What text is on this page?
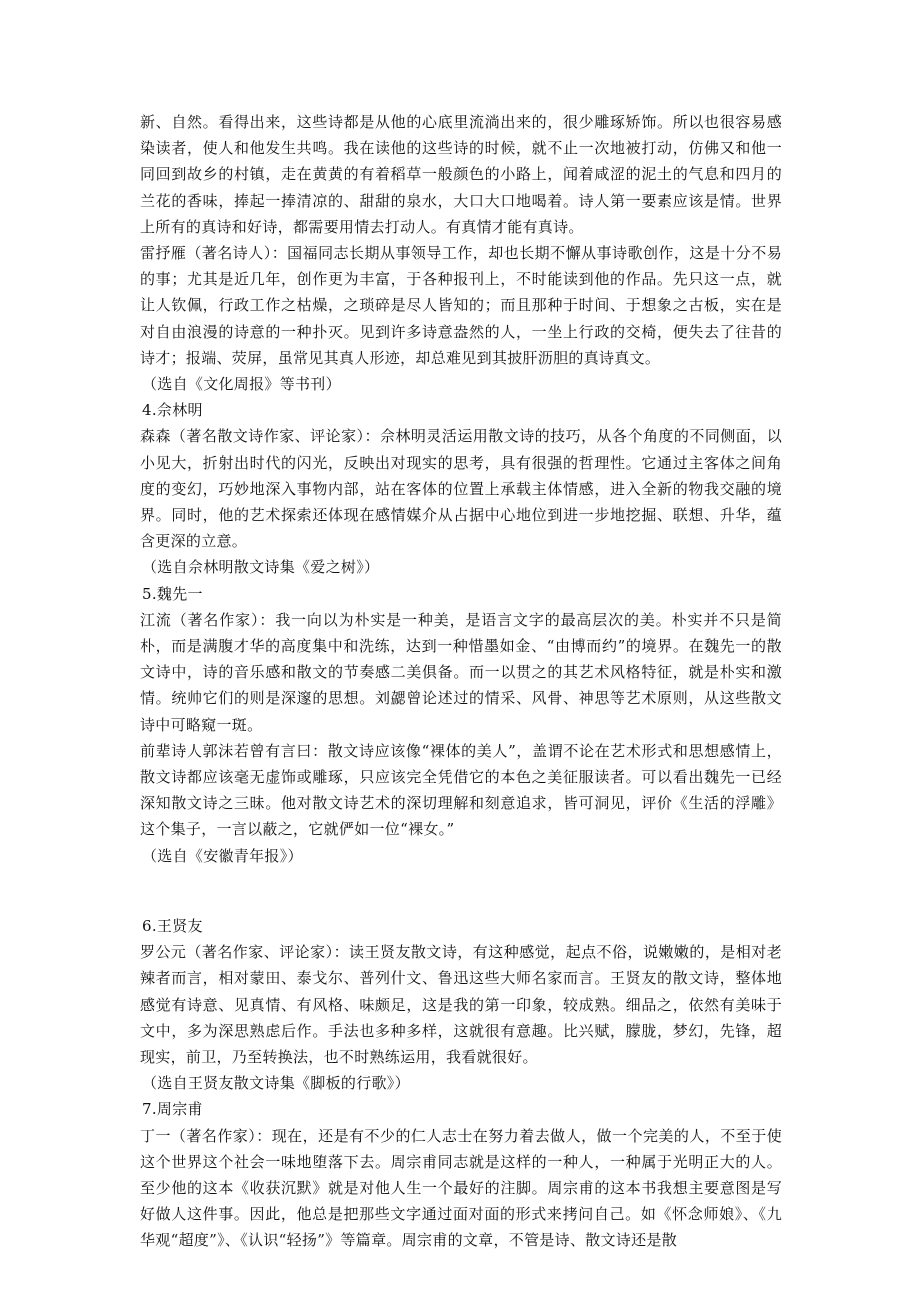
新、自然。看得出来，这些诗都是从他的心底里流淌出来的，很少雕琢矫饰。所以也很容易感染读者，使人和他发生共鸣。我在读他的这些诗的时候，就不止一次地被打动，仿佛又和他一同回到故乡的村镇，走在黄黄的有着稻草一般颜色的小路上，闻着咸涩的泥土的气息和四月的兰花的香味，捧起一捧清凉的、甜甜的泉水，大口大口地喝着。诗人第一要素应该是情。世界上所有的真诗和好诗，都需要用情去打动人。有真情才能有真诗。

雷抒雁（著名诗人）：国福同志长期从事领导工作，却也长期不懈从事诗歌创作，这是十分不易的事；尤其是近几年，创作更为丰富，于各种报刊上，不时能读到他的作品。先只这一点，就让人钦佩，行政工作之枯燥，之琐碎是尽人皆知的；而且那种于时间、于想象之古板，实在是对自由浪漫的诗意的一种扑灭。见到许多诗意盎然的人，一坐上行政的交椅，便失去了往昔的诗才；报端、荧屏，虽常见其真人形迹，却总难见到其披肝沥胆的真诗真文。

（选自《文化周报》等书刊）

4.佘林明

森森（著名散文诗作家、评论家）：佘林明灵活运用散文诗的技巧，从各个角度的不同侧面，以小见大，折射出时代的闪光，反映出对现实的思考，具有很强的哲理性。它通过主客体之间角度的变幻，巧妙地深入事物内部，站在客体的位置上承载主体情感，进入全新的物我交融的境界。同时，他的艺术探索还体现在感情媒介从占据中心地位到进一步地挖掘、联想、升华，蕴含更深的立意。

（选自佘林明散文诗集《爱之树》）

5.魏先一

江流（著名作家）：我一向以为朴实是一种美，是语言文字的最高层次的美。朴实并不只是简朴，而是满腹才华的高度集中和洗练，达到一种惜墨如金、“由博而约”的境界。在魏先一的散文诗中，诗的音乐感和散文的节奏感二美俱备。而一以贯之的其艺术风格特征，就是朴实和激情。统帅它们的则是深邃的思想。刘勰曾论述过的情采、风骨、神思等艺术原则，从这些散文诗中可略窥一斑。

前辈诗人郭沫若曾有言曰：散文诗应该像“裸体的美人”，盖谓不论在艺术形式和思想感情上，散文诗都应该毫无虚饰或雕琢，只应该完全凭借它的本色之美征服读者。可以看出魏先一已经深知散文诗之三昧。他对散文诗艺术的深切理解和刻意追求，皆可洞见，评价《生活的浮雕》这个集子，一言以蔽之，它就俨如一位“裸女。”

（选自《安徽青年报》）

6.王贤友

罗公元（著名作家、评论家）：读王贤友散文诗，有这种感觉，起点不俗，说嫩嫩的，是相对老辣者而言，相对蒙田、泰戈尔、普列什文、鲁迅这些大师名家而言。王贤友的散文诗，整体地感觉有诗意、见真情、有风格、味颇足，这是我的第一印象，较成熟。细品之，依然有美味于文中，多为深思熟虑后作。手法也多种多样，这就很有意趣。比兴赋，朦胧，梦幻，先锋，超现实，前卫，乃至转换法，也不时熟练运用，我看就很好。

（选自王贤友散文诗集《脚板的行歌》）

7.周宗甫

丁一（著名作家）：现在，还是有不少的仁人志士在努力着去做人，做一个完美的人，不至于使这个世界这个社会一味地堕落下去。周宗甫同志就是这样的一种人，一种属于光明正大的人。至少他的这本《收获沉默》就是对他人生一个最好的注脚。周宗甫的这本书我想主要意图是写好做人这件事。因此，他总是把那些文字通过面对面的形式来拷问自己。如《怀念师娘》、《九华观“超度”》、《认识“轻扬”》等篇章。周宗甫的文章，不管是诗、散文诗还是散
